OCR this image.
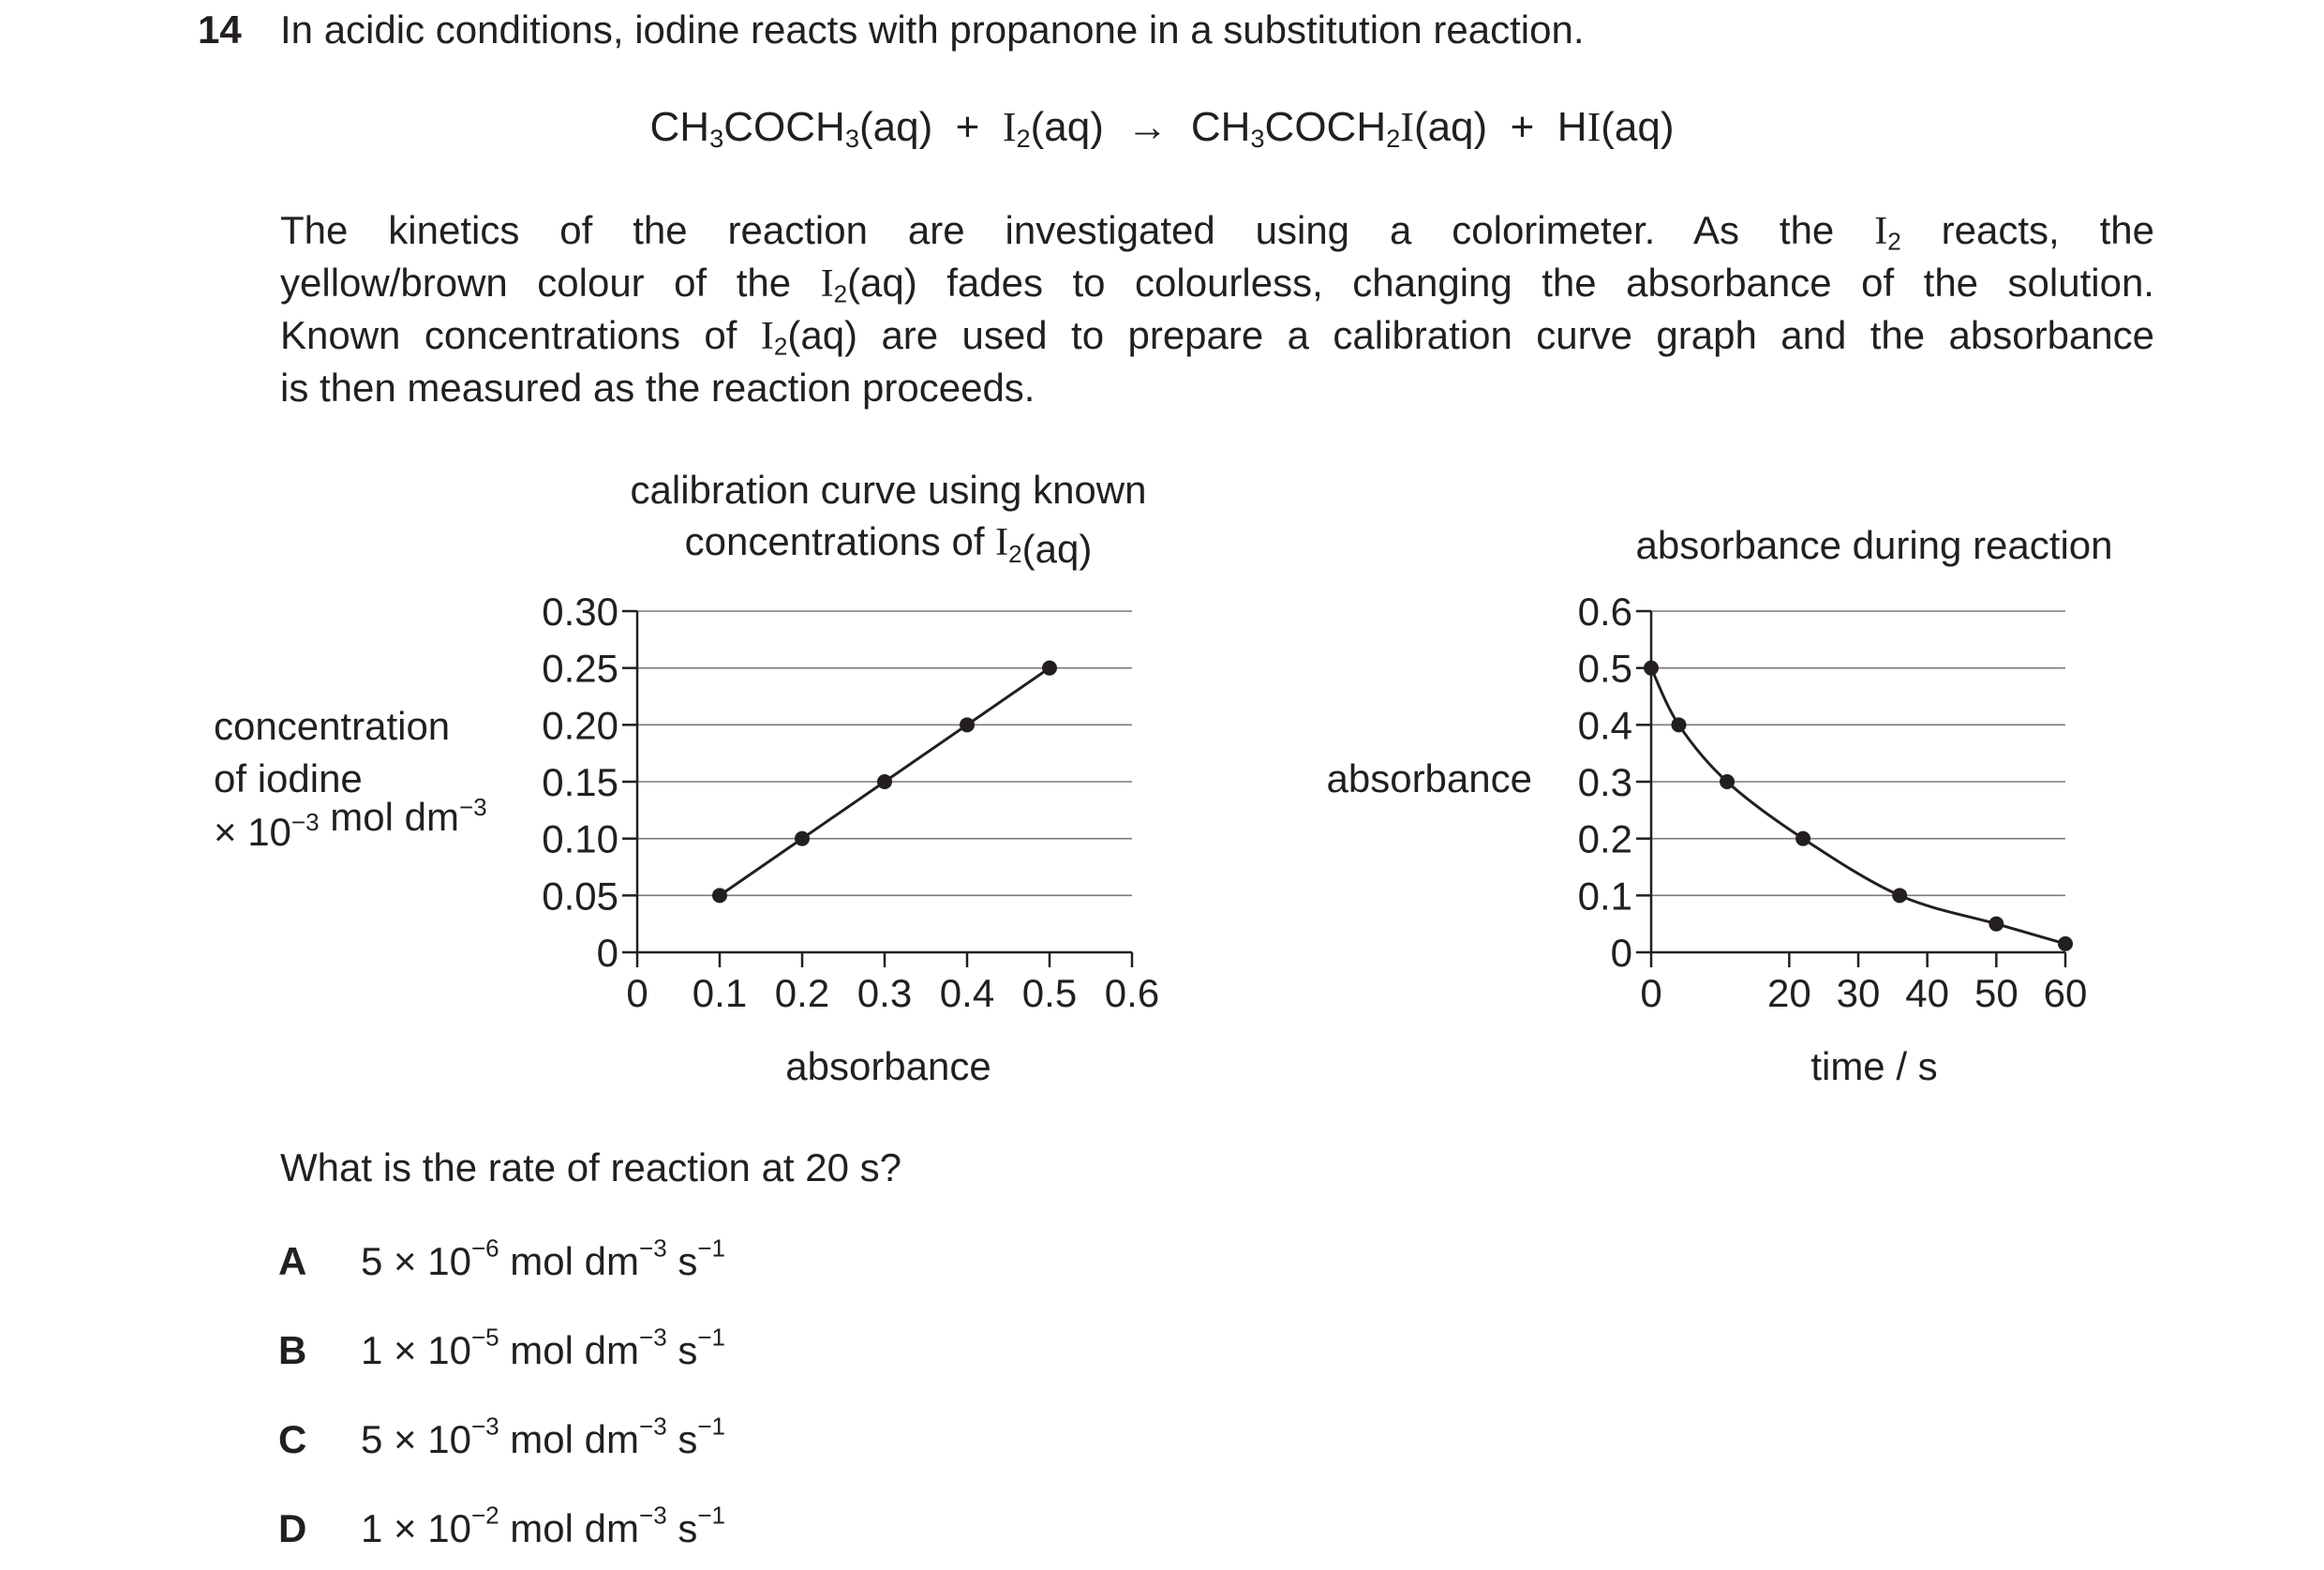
14 In acidic conditions, iodine reacts with propanone in a substitution reaction.
$CH_3COCH_3(aq) + I_2(aq)$ → $CH_3COCH_2I(aq) + HI(aq)$
The kinetics of the reaction are investigated using a colorimeter. As the $I_2$ reacts, the
yellow/brown colour of the $I_2(aq)$ fades to colourless, changing the absorbance of the solution.
Known concentrations of $I_2(aq)$ are used to prepare a calibration curve graph and the absorbance
is then measured as the reaction proceeds.
0
0.05
0.10
0.15
0.20
0.25
0.30
0 0.1 0.2 0.3 0.4 0.5 0.6
calibration curve using known
concentrations of I2(aq)
absorbance
concentration
of iodine
× $10^{-3}$ mol $dm^{-3}$
0
0.1
0.2
0.3
0.4
0.5
0.6
0	20 30 40 50 60
absorbance during reaction
time / s
absorbance
What is the rate of reaction at 20 s?
A $5 \times 10^{-6}$ mol $dm^{-3}$ $s^{-1}$
B $1 \times 10^{-5}$ mol $dm^{-3}$ $s^{-1}$
C $5 \times 10^{-3}$ mol $dm^{-3}$ $s^{-1}$
D $1 \times 10^{-2}$ mol $dm^{-3}$ $s^{-1}$
